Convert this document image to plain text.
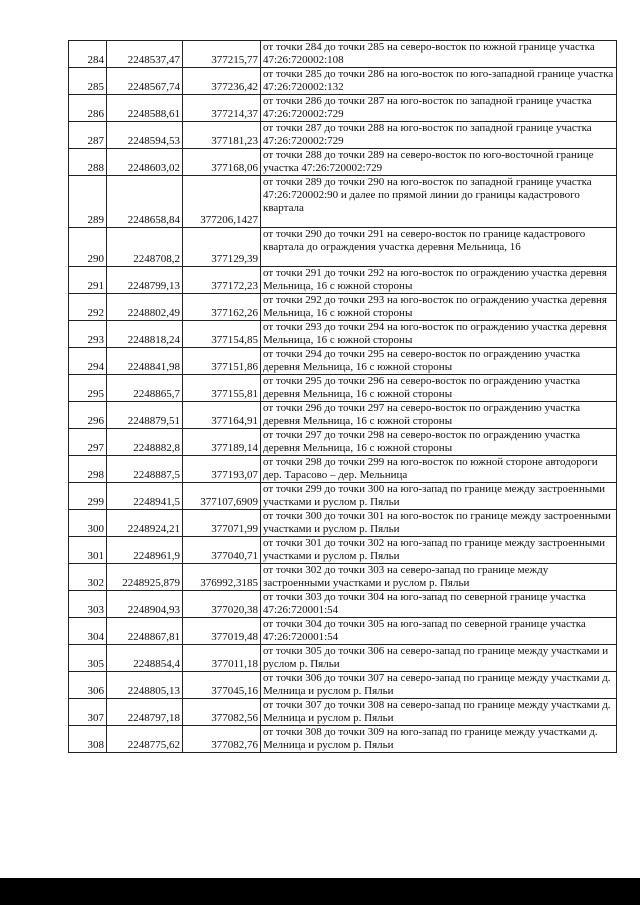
284	2248537,47	377215,77	от точки 284 до точки 285 на северо-восток по южной границе участка 47:26:720002:108
285	2248567,74	377236,42	от точки 285 до точки 286 на юго-восток по юго-западной границе участка 47:26:720002:132
286	2248588,61	377214,37	от точки 286 до точки 287 на юго-восток по западной границе участка 47:26:720002:729
287	2248594,53	377181,23	от точки 287 до точки 288 на юго-восток по западной границе участка 47:26:720002:729
288	2248603,02	377168,06	от точки 288 до точки 289 на северо-восток по юго-восточной границе участка 47:26:720002:729
289	2248658,84	377206,1427	от точки 289 до точки 290 на юго-восток по западной границе участка 47:26:720002:90 и далее по прямой линии до границы кадастрового квартала
290	2248708,2	377129,39	от точки 290 до точки 291 на северо-восток по границе кадастрового квартала до ограждения участка деревня Мельница, 16
291	2248799,13	377172,23	от точки 291 до точки 292 на юго-восток по ограждению участка деревня Мельница, 16 с южной стороны
292	2248802,49	377162,26	от точки 292 до точки 293 на юго-восток по ограждению участка деревня Мельница, 16 с южной стороны
293	2248818,24	377154,85	от точки 293 до точки 294 на юго-восток по ограждению участка деревня Мельница, 16 с южной стороны
294	2248841,98	377151,86	от точки 294 до точки 295 на северо-восток по ограждению участка деревня Мельница, 16 с южной стороны
295	2248865,7	377155,81	от точки 295 до точки 296 на северо-восток по ограждению участка деревня Мельница, 16 с южной стороны
296	2248879,51	377164,91	от точки 296 до точки 297 на северо-восток по ограждению участка деревня Мельница, 16 с южной стороны
297	2248882,8	377189,14	от точки 297 до точки 298 на северо-восток по ограждению участка деревня Мельница, 16 с южной стороны
298	2248887,5	377193,07	от точки 298 до точки 299 на юго-восток по южной стороне автодороги дер. Тарасово – дер. Мельница
299	2248941,5	377107,6909	от точки 299 до точки 300 на юго-запад по границе между застроенными участками и руслом р. Пяльи
300	2248924,21	377071,99	от точки 300 до точки 301 на юго-восток по границе между застроенными участками и руслом р. Пяльи
301	2248961,9	377040,71	от точки 301 до точки 302 на юго-запад по границе между застроенными участками и руслом р. Пяльи
302	2248925,879	376992,3185	от точки 302 до точки 303 на северо-запад по границе между застроенными участками и руслом р. Пяльи
303	2248904,93	377020,38	от точки 303 до точки 304 на юго-запад по северной границе участка 47:26:720001:54
304	2248867,81	377019,48	от точки 304 до точки 305 на юго-запад по северной границе участка 47:26:720001:54
305	2248854,4	377011,18	от точки 305 до точки 306 на северо-запад по границе между участками и руслом р. Пяльи
306	2248805,13	377045,16	от точки 306 до точки 307 на северо-запад по границе между участками д. Мелница и руслом р. Пяльи
307	2248797,18	377082,56	от точки 307 до точки 308 на северо-запад по границе между участками д. Мелница и руслом р. Пяльи
308	2248775,62	377082,76	от точки 308 до точки 309 на юго-запад по границе между участками д. Мелница и руслом р. Пяльи
